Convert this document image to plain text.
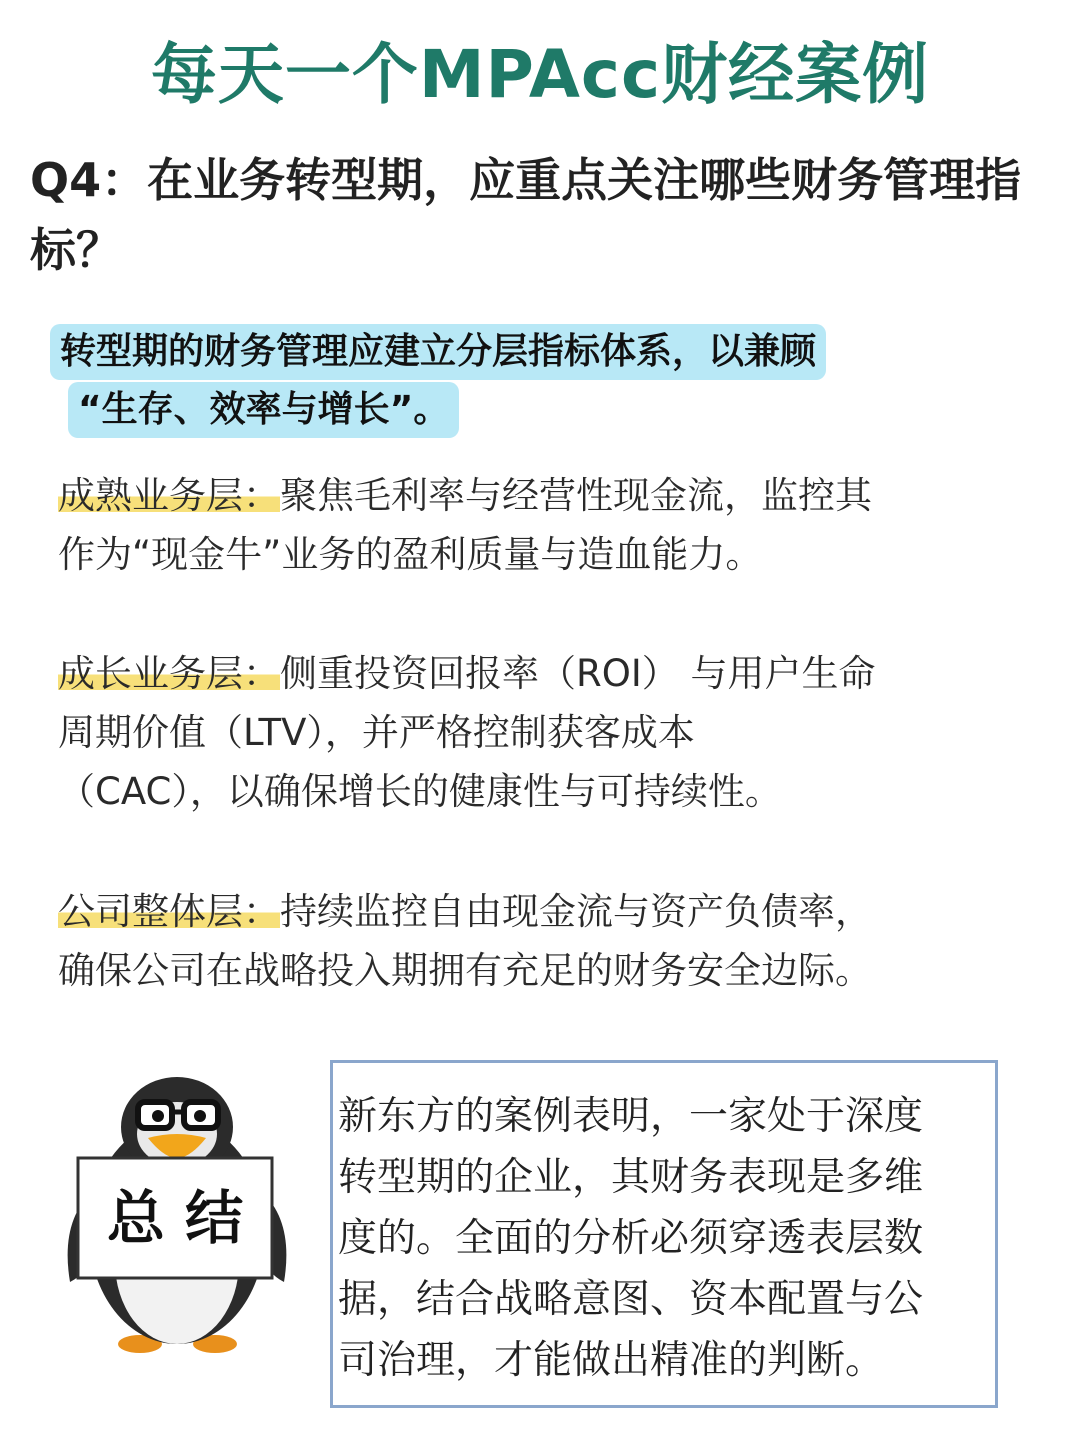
每天一个MPAcc财经案例
Q4：在业务转型期，应重点关注哪些财务管理指标？
转型期的财务管理应建立分层指标体系，以兼顾
“生存、效率与增长”。
成熟业务层：聚焦毛利率与经营性现金流，监控其
作为“现金牛”业务的盈利质量与造血能力。
成长业务层：侧重投资回报率（ROI） 与用户生命
周期价值（LTV），并严格控制获客成本
（CAC），以确保增长的健康性与可持续性。
公司整体层：持续监控自由现金流与资产负债率，
确保公司在战略投入期拥有充足的财务安全边际。
总 结
新东方的案例表明，一家处于深度
转型期的企业，其财务表现是多维
度的。全面的分析必须穿透表层数
据，结合战略意图、资本配置与公
司治理，才能做出精准的判断。
